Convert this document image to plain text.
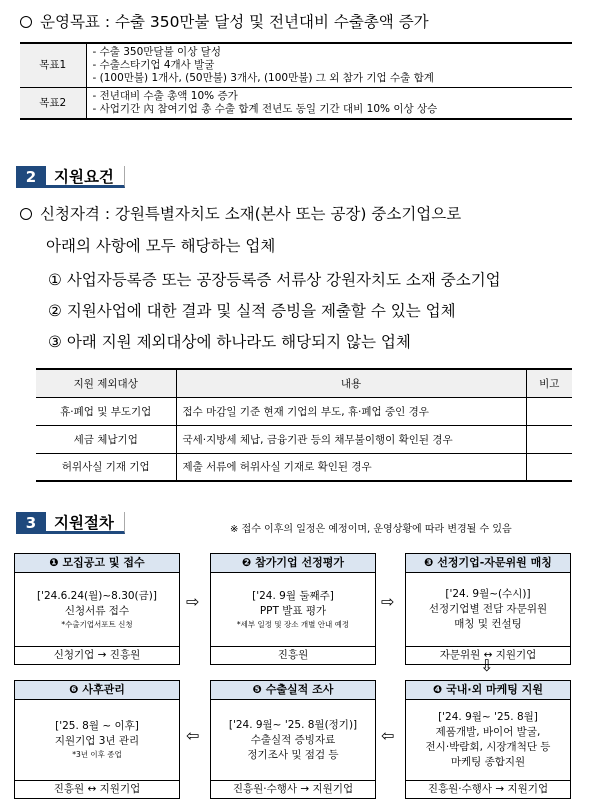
운영목표 : 수출 350만불 달성 및 전년대비 수출총액 증가
목표1	- 수출 350만달불 이상 달성
- 수출스타기업 4개사 발굴
- (100만불) 1개사, (50만불) 3개사, (100만불) 그 외 참가 기업 수출 합계

목표2	- 전년대비 수출 총액 10% 증가
- 사업기간 內 참여기업 총 수출 합계 전년도 동일 기간 대비 10% 이상 상승
2	지원요건
신청자격 : 강원특별자치도 소재(본사 또는 공장) 중소기업으로
아래의 사항에 모두 해당하는 업체
① 사업자등록증 또는 공장등록증 서류상 강원자치도 소재 중소기업
② 지원사업에 대한 결과 및 실적 증빙을 제출할 수 있는 업체
③ 아래 지원 제외대상에 하나라도 해당되지 않는 업체
지원 제외대상	내용	비고
휴·폐업 및 부도기업	접수 마감일 기준 현재 기업의 부도, 휴·폐업 중인 경우	
세금 체납기업	국세·지방세 체납, 금융기관 등의 채무불이행이 확인된 경우	
허위사실 기재 기업	제출 서류에 허위사실 기재로 확인된 경우	
3	지원절차	※ 접수 이후의 일정은 예정이며, 운영상황에 따라 변경될 수 있음
❶ 모집공고 및 접수
['24.6.24(월)~8.30(금)]
신청서류 접수
*수출기업서포트 신청
신청기업 → 진흥원
⇨
❷ 참가기업 선정평가
['24. 9월 둘째주]
PPT 발표 평가
*세부 일정 및 장소 개별 안내 예정
진흥원
⇨
❸ 선정기업-자문위원 매칭
['24. 9월~(수시)]
선정기업별 전담 자문위원
매칭 및 컨설팅
자문위원 ↔ 지원기업
⇩
❻ 사후관리
['25. 8월 ~ 이후]
지원기업 3년 관리
*3년 이후 종업
진흥원 ↔ 지원기업
⇦
❺ 수출실적 조사
['24. 9월~ '25. 8월(정기)]
수출실적 증빙자료
정기조사 및 점검 등
진흥원·수행사 → 지원기업
⇦
❹ 국내·외 마케팅 지원
['24. 9월~ '25. 8월]
제품개발, 바이어 발굴,
전시·박람회, 시장개척단 등
마케팅 종합지원
진흥원·수행사 → 지원기업
